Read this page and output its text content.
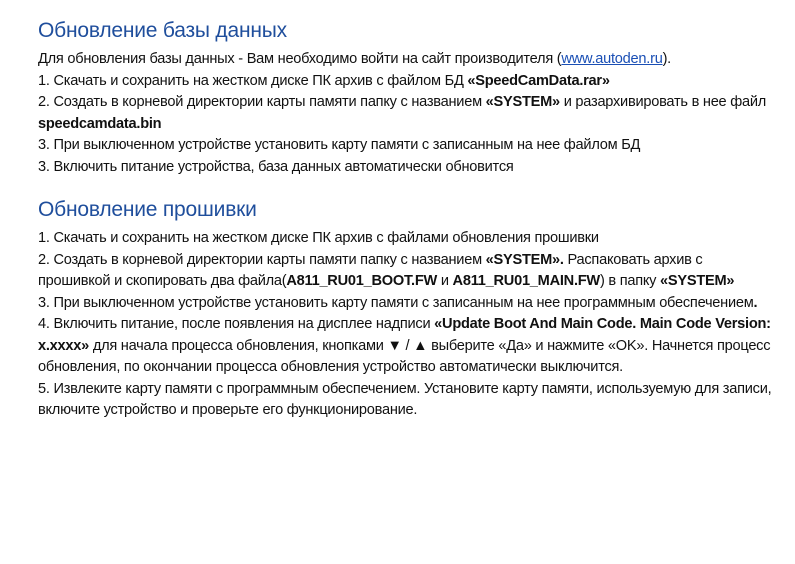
Обновление базы данных

Для обновления базы данных - Вам необходимо войти на сайт производителя (www.autoden.ru).

1. Скачать и сохранить на жестком диске ПК архив с файлом БД «SpeedCamData.rar»

2. Создать в корневой директории карты памяти папку с названием «SYSTEM» и разархивировать в нее файл speedcamdata.bin

3. При выключенном устройстве установить карту памяти с записанным на нее файлом БД

3. Включить питание устройства, база данных автоматически обновится

Обновление прошивки

1. Скачать и сохранить на жестком диске ПК архив с файлами обновления прошивки

2. Создать в корневой директории карты памяти папку с названием «SYSTEM». Распаковать архив с прошивкой и скопировать два файла(A811_RU01_BOOT.FW и A811_RU01_MAIN.FW) в папку «SYSTEM»

3. При выключенном устройстве установить карту памяти с записанным на нее программным обеспечением.

4. Включить питание, после появления на дисплее надписи «Update Boot And Main Code. Main Code Version: x.xxxx» для начала процесса обновления, кнопками ▼ / ▲ выберите «Да» и нажмите «OK». Начнется процесс обновления, по окончании процесса обновления устройство автоматически выключится.

5. Извлеките карту памяти с программным обеспечением. Установите карту памяти, используемую для записи, включите устройство и проверьте его функционирование.
